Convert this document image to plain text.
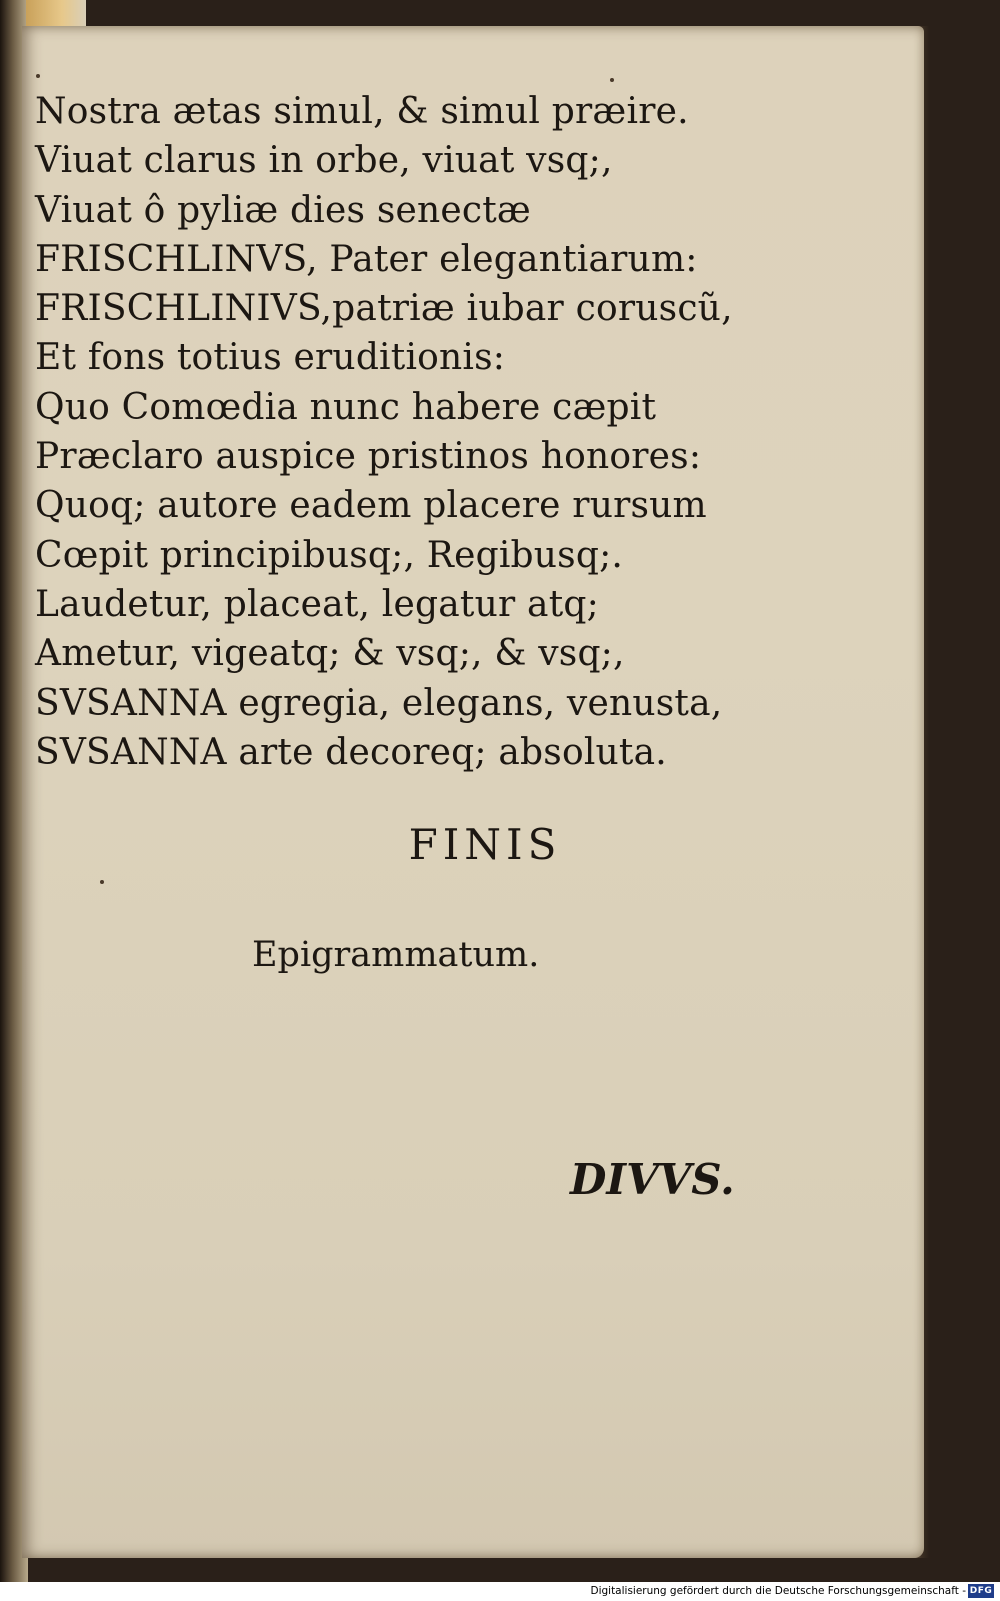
Nostra ætas simul, & simul præire.
Viuat clarus in orbe, viuat vsq;,
Viuat ô pyliæ dies senectæ
FRISCHLINVS, Pater elegantiarum:
FRISCHLINIVS,patriæ iubar coruscũ,
Et fons totius eruditionis:
Quo Comœdia nunc habere cæpit
Præclaro auspice pristinos honores:
Quoq; autore eadem placere rursum
Cœpit principibusq;, Regibusq;.
Laudetur, placeat, legatur atq;
Ametur, vigeatq; & vsq;, & vsq;,
SVSANNA egregia, elegans, venusta,
SVSANNA arte decoreq; absoluta.
FINIS
Epigrammatum.
DIVVS.
Digitalisierung gefördert durch die Deutsche Forschungsgemeinschaft - DFG
